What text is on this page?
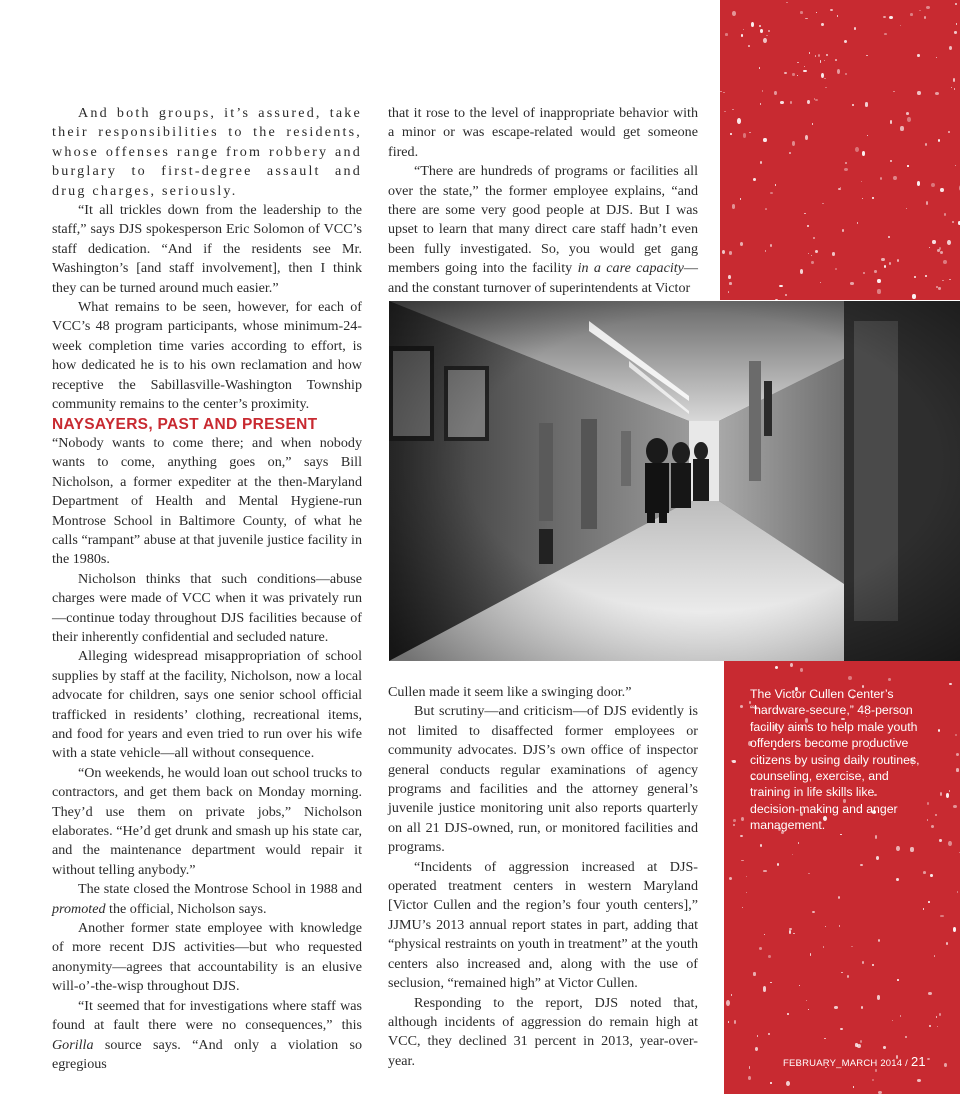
And both groups, it’s assured, take their responsibilities to the residents, whose offenses range from robbery and burglary to first-degree assault and drug charges, seriously.

“It all trickles down from the leadership to the staff,” says DJS spokesperson Eric Solomon of VCC’s staff dedication. “And if the residents see Mr. Washington’s [and staff involvement], then I think they can be turned around much easier.”

What remains to be seen, however, for each of VCC’s 48 program participants, whose minimum-24-week completion time varies according to effort, is how dedicated he is to his own reclamation and how receptive the Sabillasville-Washington Township community remains to the center’s proximity.

NAYSAYERS, PAST AND PRESENT

“Nobody wants to come there; and when nobody wants to come, anything goes on,” says Bill Nicholson, a former expediter at the then-Maryland Department of Health and Mental Hygiene-run Montrose School in Baltimore County, of what he calls “rampant” abuse at that juvenile justice facility in the 1980s.

Nicholson thinks that such conditions—abuse charges were made of VCC when it was privately run—continue today throughout DJS facilities because of their inherently confidential and secluded nature.

Alleging widespread misappropriation of school supplies by staff at the facility, Nicholson, now a local advocate for children, says one senior school official trafficked in residents’ clothing, recreational items, and food for years and even tried to run over his wife with a state vehicle—all without consequence.

“On weekends, he would loan out school trucks to contractors, and get them back on Monday morning. They’d use them on private jobs,” Nicholson elaborates. “He’d get drunk and smash up his state car, and the maintenance department would repair it without telling anybody.”

The state closed the Montrose School in 1988 and promoted the official, Nicholson says.

Another former state employee with knowledge of more recent DJS activities—but who requested anonymity—agrees that accountability is an elusive will-o’-the-wisp throughout DJS.

“It seemed that for investigations where staff was found at fault there were no consequences,” this Gorilla source says. “And only a violation so egregious

that it rose to the level of inappropriate behavior with a minor or was escape-related would get someone fired.

“There are hundreds of programs or facilities all over the state,” the former employee explains, “and there are some very good people at DJS. But I was upset to learn that many direct care staff hadn’t even been fully investigated. So, you would get gang members going into the facility in a care capacity—and the constant turnover of superintendents at Victor

Cullen made it seem like a swinging door.”

But scrutiny—and criticism—of DJS evidently is not limited to disaffected former employees or community advocates. DJS’s own office of inspector general conducts regular examinations of agency programs and facilities and the attorney general’s juvenile justice monitoring unit also reports quarterly on all 21 DJS-owned, run, or monitored facilities and programs.

“Incidents of aggression increased at DJS-operated treatment centers in western Maryland [Victor Cullen and the region’s four youth centers],” JJMU’s 2013 annual report states in part, adding that “physical restraints on youth in treatment” at the youth centers also increased and, along with the use of seclusion, “remained high” at Victor Cullen.

Responding to the report, DJS noted that, although incidents of aggression do remain high at VCC, they declined 31 percent in 2013, year-over-year.

The Victor Cullen Center’s “hardware-secure,” 48-person facility aims to help male youth offenders become productive citizens by using daily routines, counseling, exercise, and training in life skills like decision-making and anger management.
FEBRUARY_MARCH 2014 / 21
